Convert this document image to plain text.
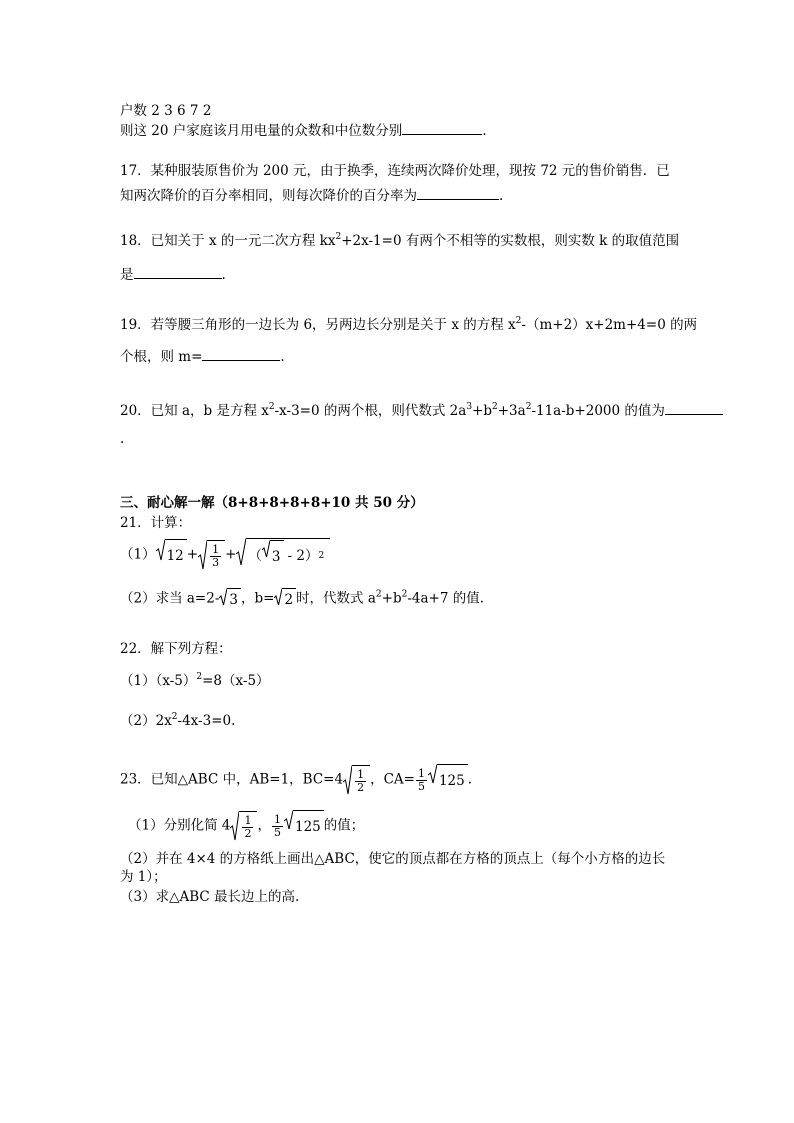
户数 2 3 6 7 2
则这 20 户家庭该月用电量的众数和中位数分别	.
17．某种服装原售价为 200 元，由于换季，连续两次降价处理，现按 72 元的售价销售．已
知两次降价的百分率相同，则每次降价的百分率为	.
18．已知关于 x 的一元二次方程 $kx^2+2x-1=0$ 有两个不相等的实数根，则实数 k 的取值范围
是	.
19．若等腰三角形的一边长为 6，另两边长分别是关于 x 的方程 $x^2-(m+2)x+2m+4=0$ 的两
个根，则 m=	.
20．已知 a，b 是方程 $x^2-x-3=0$ 的两个根，则代数式 $2a^3+b^2+3a^2-11a-b+2000$ 的值为
.
三、耐心解一解（8+8+8+8+8+10 共 50 分）
21．计算：
（1） $12 + \frac{1}{3}$ + （ 3 - 2） 2
（2）求当 a=2- 3 ，b= 2 时，代数式 $a^2+b^2-4a+7$ 的值.
22．解下列方程：
$(1)(x-5)^2=8(x-5)$
$(2)2x^2-4x-3=0$.
23．已知△ABC 中，AB=1，$BC=4 \frac{1}{2}$ ，$CA= \frac{1}{5} 125$ .
（1）分别化简 $4 \frac{1}{2}$ ， $\frac{1}{5} 125$ 的值；
（2）并在 4×4 的方格纸上画出△ABC，使它的顶点都在方格的顶点上（每个小方格的边长
为 1）；
（3）求△ABC 最长边上的高.
